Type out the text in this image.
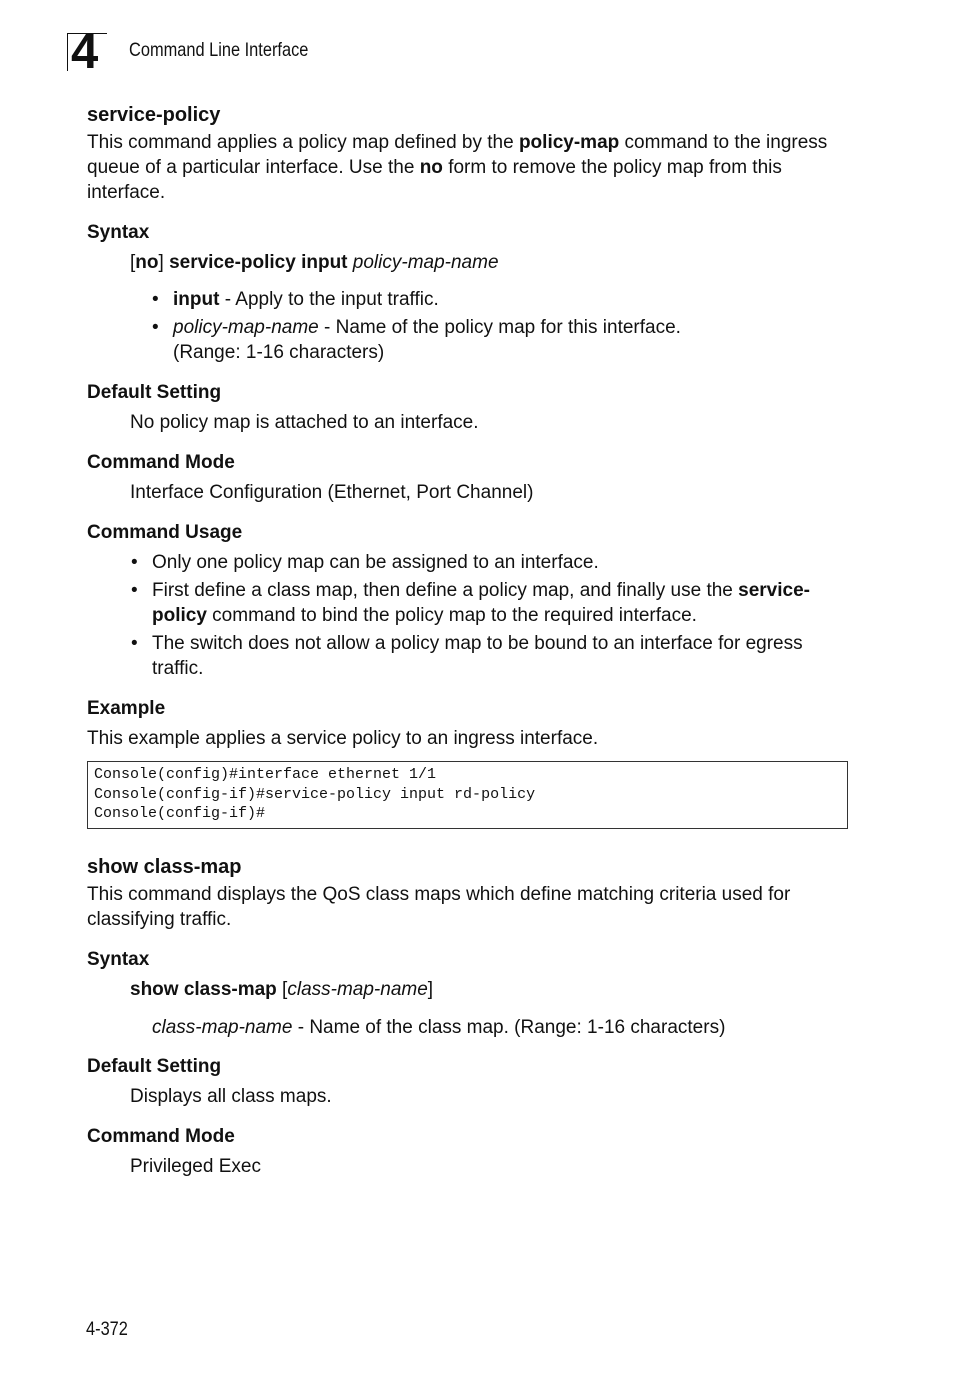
4 Command Line Interface
service-policy

This command applies a policy map defined by the policy-map command to the ingress queue of a particular interface. Use the no form to remove the policy map from this interface.

Syntax

[no] service-policy input policy-map-name

• input - Apply to the input traffic.
• policy-map-name - Name of the policy map for this interface.
(Range: 1-16 characters)
Default Setting

No policy map is attached to an interface.

Command Mode

Interface Configuration (Ethernet, Port Channel)

Command Usage
• Only one policy map can be assigned to an interface.
• First define a class map, then define a policy map, and finally use the service-policy command to bind the policy map to the required interface.
• The switch does not allow a policy map to be bound to an interface for egress traffic.
Example

This example applies a service policy to an ingress interface.

Console(config)#interface ethernet 1/1
Console(config-if)#service-policy input rd-policy
Console(config-if)#
show class-map

This command displays the QoS class maps which define matching criteria used for classifying traffic.

Syntax

show class-map [class-map-name]

class-map-name - Name of the class map. (Range: 1-16 characters)

Default Setting

Displays all class maps.

Command Mode

Privileged Exec

4-372
